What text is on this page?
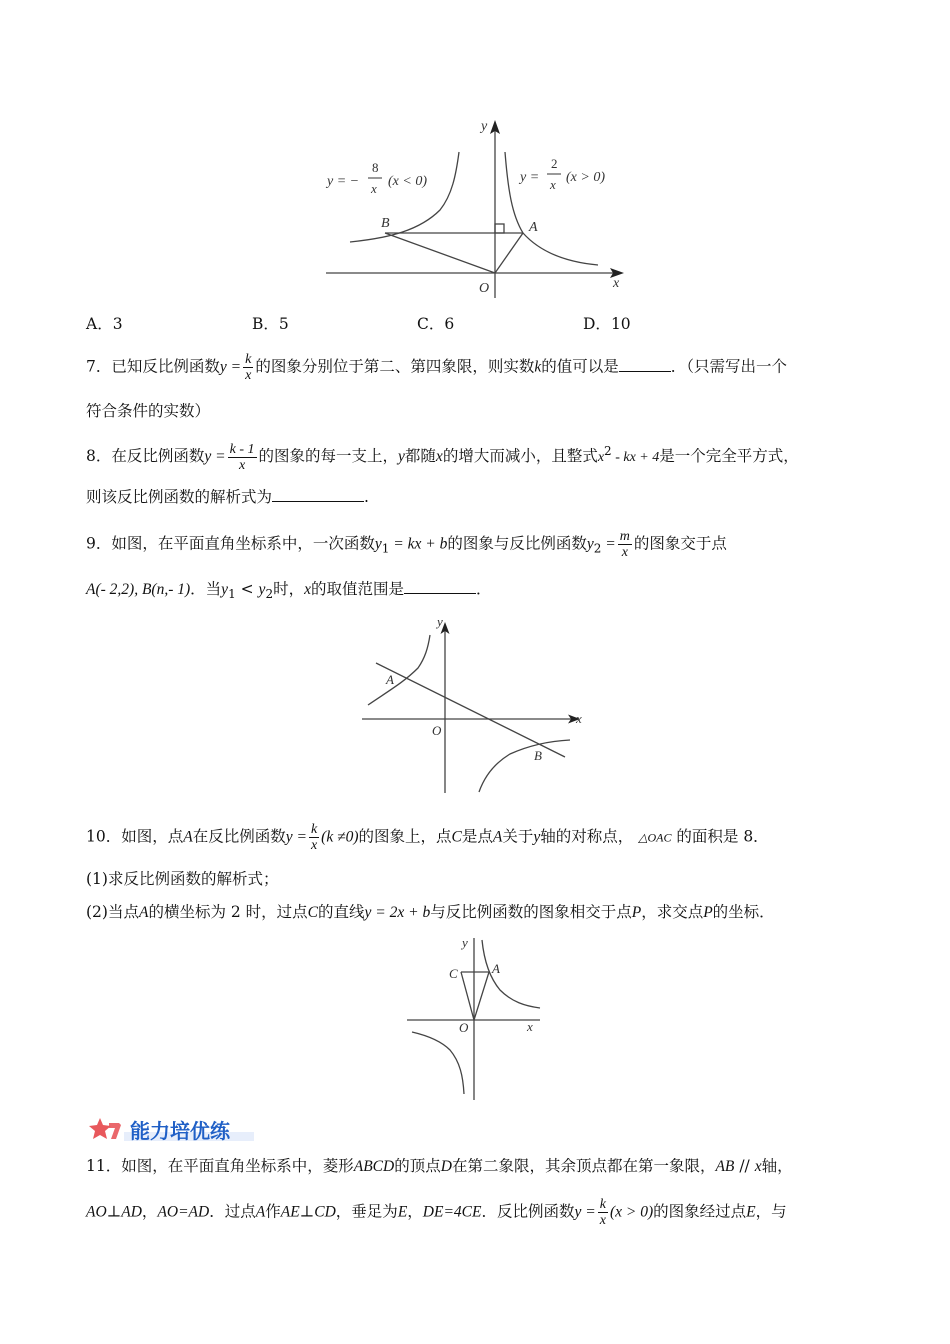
y
x
O
B	A
y = −
8
x (x < 0)	y =
2
x (x > 0)
A．3	B．5	C．6	D．10
7．已知反比例函数$y = \frac{k}{x}$ 的图象分别位于第二、第四象限，则实数k的值可以是	．（只需写出一个
符合条件的实数）
8．在反比例函数$y = \frac{k - 1}{x}$ 的图象的每一支上，y都随x的增大而减小，且整式$x^2$ - kx + 4是一个完全平方式，
则该反比例函数的解析式为	.
9．如图，在平面直角坐标系中，一次函数$y_1$ = kx + b的图象与反比例函数$y_2 = \frac{m}{x}$ 的图象交于点
A(- 2,2), B(n,- 1)．当$y_1 < y_2$时，x的取值范围是	．
y
x
O
A
B
10．如图，点A在反比例函数$y = \frac{k}{x} (k \ne 0)$的图象上，点C是点A关于y轴的对称点， △OAC 的面积是 8．
(1)求反比例函数的解析式；
(2)当点A的横坐标为 2 时，过点C的直线y = 2x + b与反比例函数的图象相交于点P，求交点P的坐标．
y
x
O
C	A
能力培优练
11．如图，在平面直角坐标系中，菱形ABCD的顶点D在第二象限，其余顶点都在第一象限，AB // x轴，
AO⊥AD，AO=AD．过点A作AE⊥CD，垂足为E，DE=4CE．反比例函数$y = \frac{k}{x} (x > 0)$的图象经过点E，与
